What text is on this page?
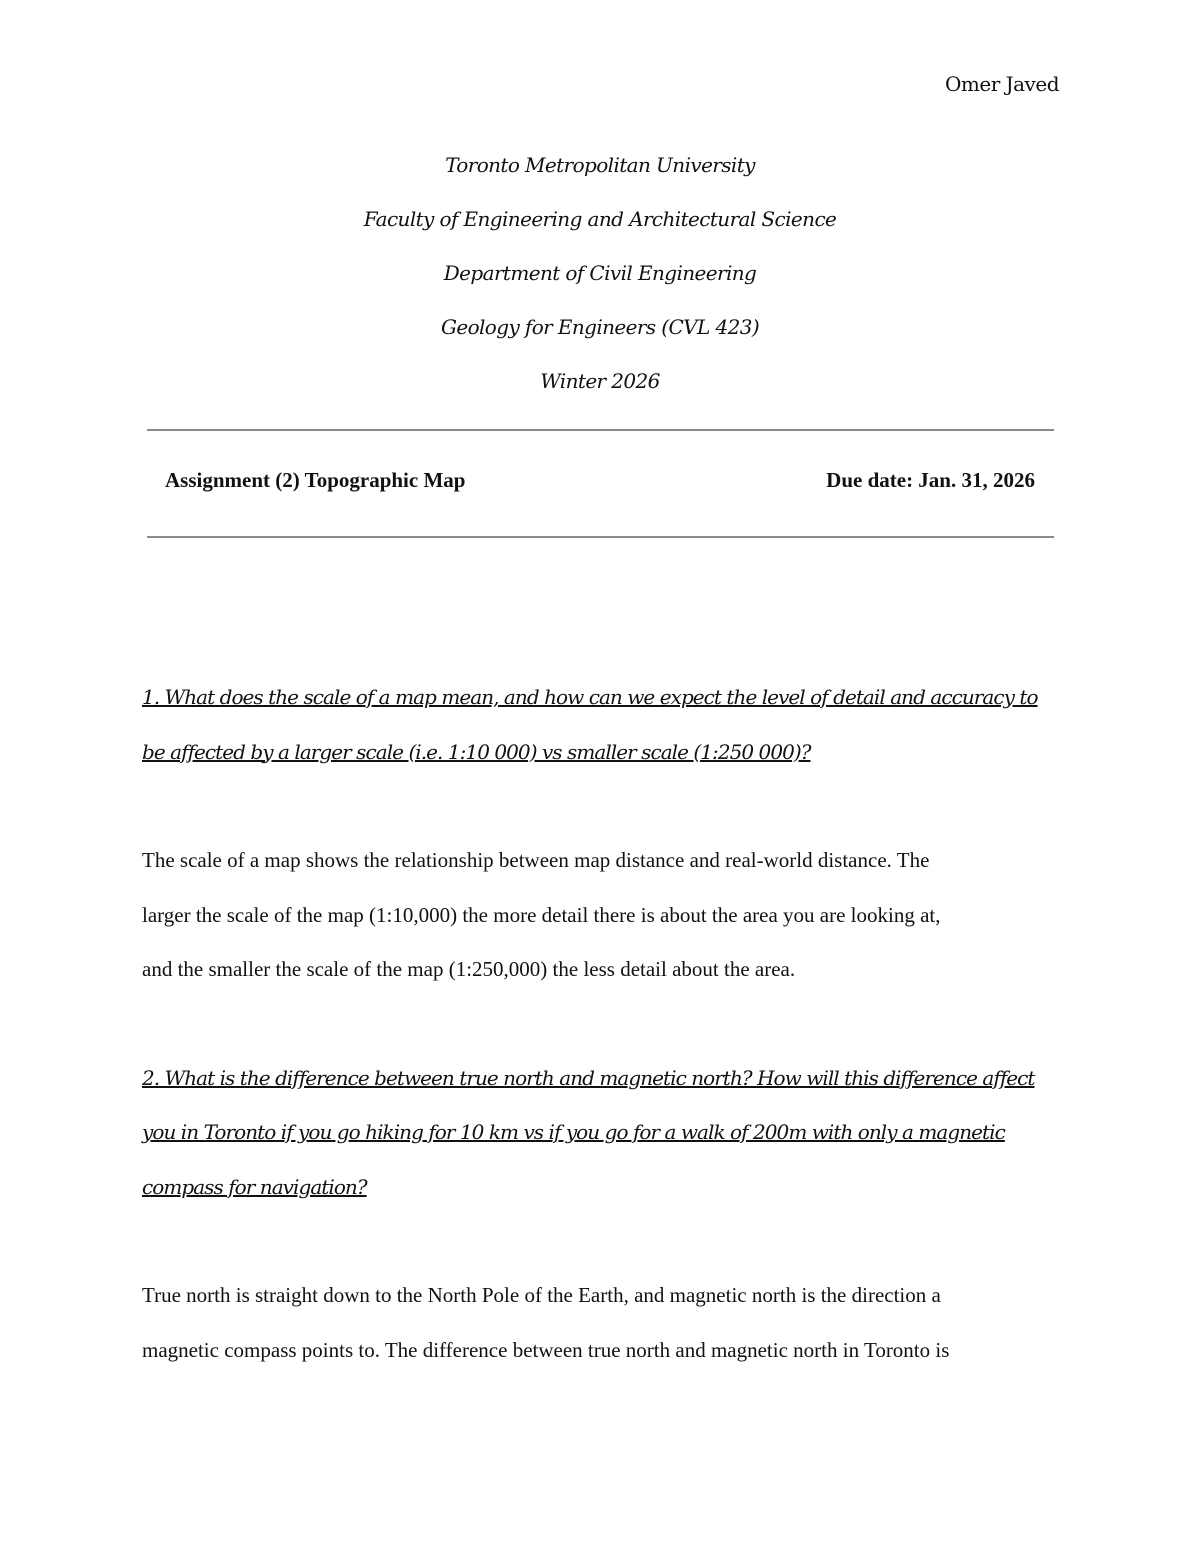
Omer Javed
Toronto Metropolitan University
Faculty of Engineering and Architectural Science
Department of Civil Engineering
Geology for Engineers (CVL 423)
Winter 2026
Assignment (2) Topographic Map	Due date: Jan. 31, 2026
1. What does the scale of a map mean, and how can we expect the level of detail and accuracy to
be affected by a larger scale (i.e. 1:10 000) vs smaller scale (1:250 000)?
The scale of a map shows the relationship between map distance and real-world distance. The
larger the scale of the map (1:10,000) the more detail there is about the area you are looking at,
and the smaller the scale of the map (1:250,000) the less detail about the area.
2. What is the difference between true north and magnetic north? How will this difference affect
you in Toronto if you go hiking for 10 km vs if you go for a walk of 200m with only a magnetic
compass for navigation?
True north is straight down to the North Pole of the Earth, and magnetic north is the direction a
magnetic compass points to. The difference between true north and magnetic north in Toronto is
